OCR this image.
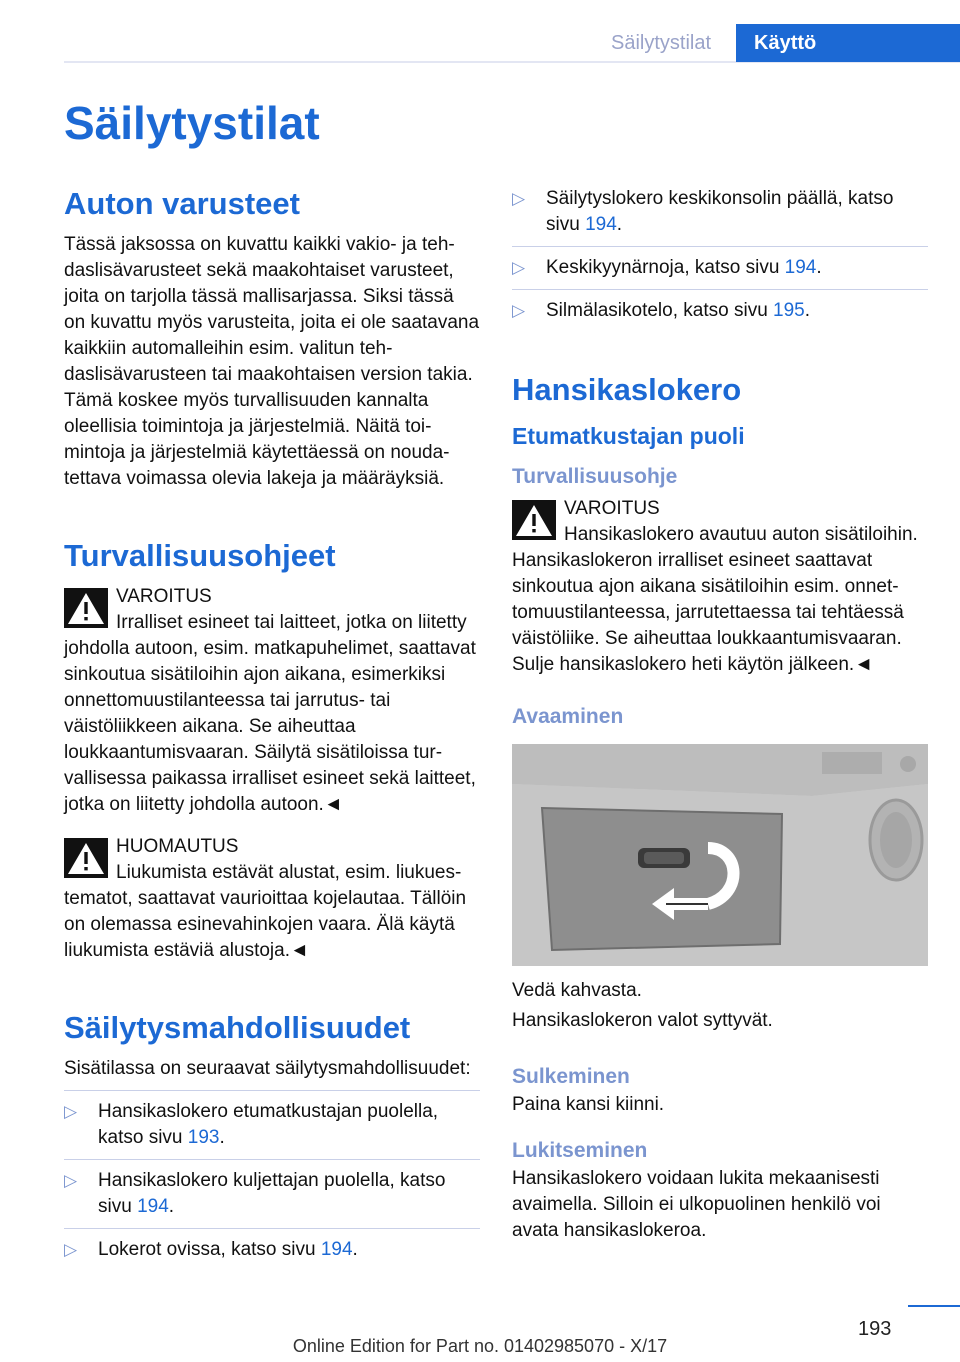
Säilytystilat	Käyttö
Säilytystilat
Auton varusteet

Tässä jaksossa on kuvattu kaikki vakio- ja tehdaslisävarusteet sekä maakohtaiset varusteet, joita on tarjolla tässä mallisarjassa. Siksi tässä on kuvattu myös varusteita, joita ei ole saatavana kaikkiin automalleihin esim. valitun tehdaslisävarusteen tai maakohtaisen version takia. Tämä koskee myös turvallisuuden kannalta oleellisia toimintoja ja järjestelmiä. Näitä toimintoja ja järjestelmiä käytettäessä on noudatettava voimassa olevia lakeja ja määräyksiä.

Turvallisuusohjeet
VAROITUS

Irralliset esineet tai laitteet, jotka on liitetty johdolla autoon, esim. matkapuhelimet, saattavat sinkoutua sisätiloihin ajon aikana, esimerkiksi onnettomuustilanteessa tai jarrutus- tai väistöliikkeen aikana. Se aiheuttaa loukkaantumisvaaran. Säilytä sisätiloissa turvallisessa paikassa irralliset esineet sekä laitteet, jotka on liitetty johdolla autoon.◄

HUOMAUTUS

Liukumista estävät alustat, esim. liukuestematot, saattavat vaurioittaa kojelautaa. Tällöin on olemassa esinevahinkojen vaara. Älä käytä liukumista estäviä alustoja.◄

Säilytysmahdollisuudet

Sisätilassa on seuraavat säilytysmahdollisuudet:

▷ Hansikaslokero etumatkustajan puolella, katso sivu 193.
▷ Hansikaslokero kuljettajan puolella, katso sivu 194.
▷ Lokerot ovissa, katso sivu 194.
▷ Säilytyslokero keskikonsolin päällä, katso sivu 194.
▷ Keskikyynärnoja, katso sivu 194.
▷ Silmälasikotelo, katso sivu 195.
Hansikaslokero
Etumatkustajan puoli
Turvallisuusohje
VAROITUS

Hansikaslokero avautuu auton sisätiloihin. Hansikaslokeron irralliset esineet saattavat sinkoutua ajon aikana sisätiloihin esim. onnettomuustilanteessa, jarrutettaessa tai tehtäessä väistöliike. Se aiheuttaa loukkaantumisvaaran. Sulje hansikaslokero heti käytön jälkeen.◄

Avaaminen

Vedä kahvasta.

Hansikaslokeron valot syttyvät.

Sulkeminen

Paina kansi kiinni.

Lukitseminen

Hansikaslokero voidaan lukita mekaanisesti avaimella. Silloin ei ulkopuolinen henkilö voi avata hansikaslokeroa.

193
Online Edition for Part no. 01402985070 - X/17
